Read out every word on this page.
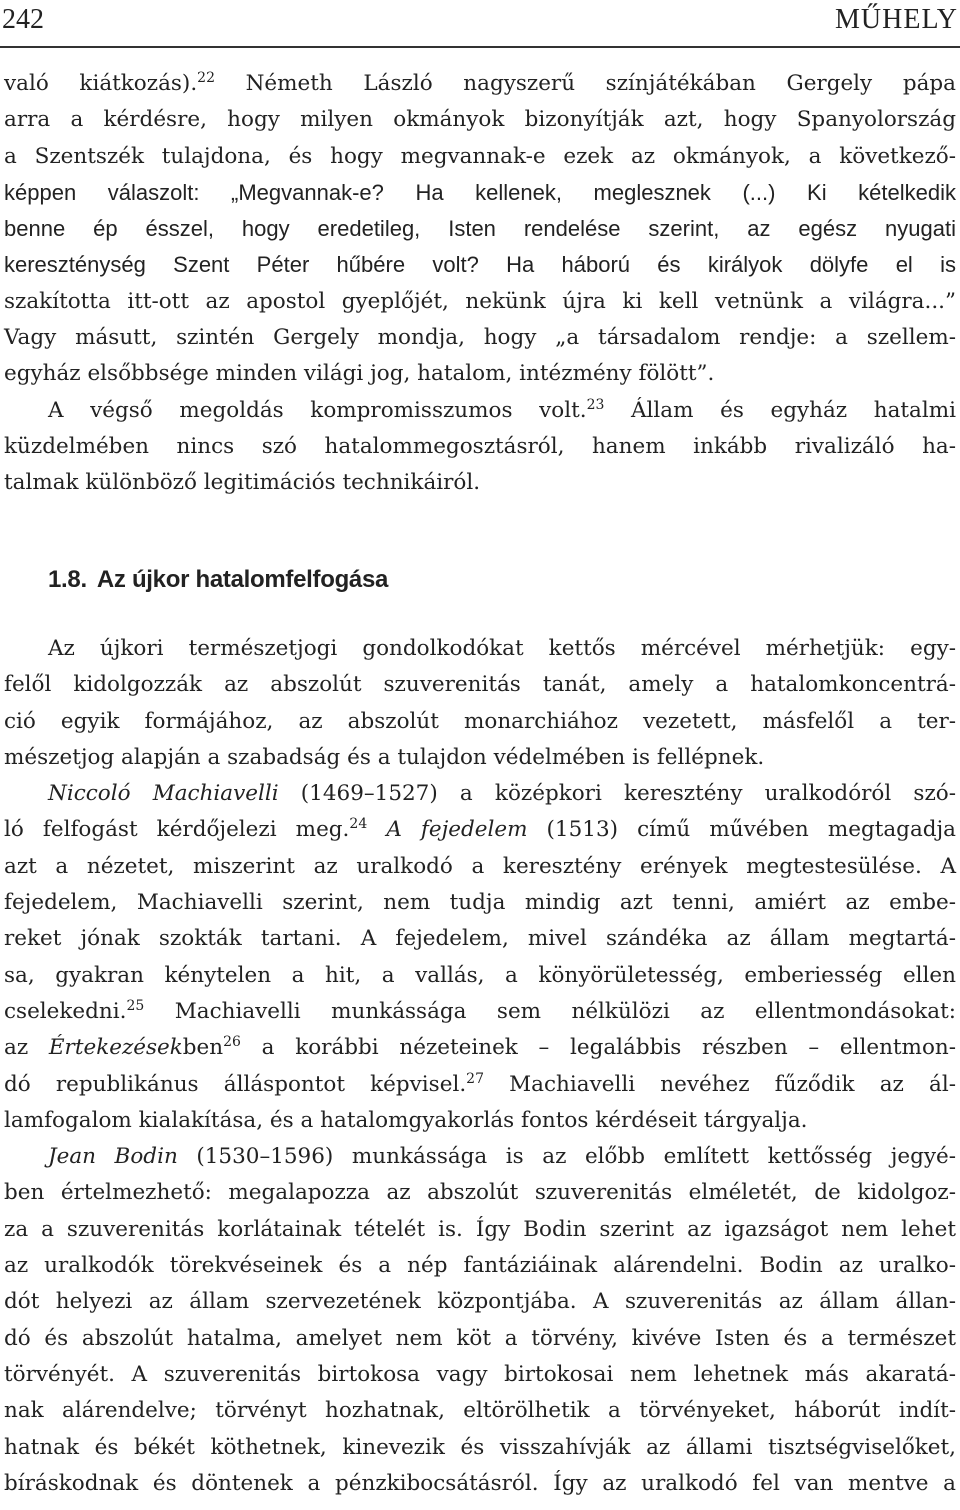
242	MŰHELY
való kiátkozás).$^{22}$ Németh László nagyszerű színjátékában Gergely pápa
arra a kérdésre, hogy milyen okmányok bizonyítják azt, hogy Spanyolország
a Szentszék tulajdona, és hogy megvannak-e ezek az okmányok, a következő-
képpen válaszolt: „Megvannak-e? Ha kellenek, meglesznek (...) Ki kételkedik
benne ép ésszel, hogy eredetileg, Isten rendelése szerint, az egész nyugati
kereszténység Szent Péter hűbére volt? Ha háború és királyok dölyfe el is
szakította itt-ott az apostol gyeplőjét, nekünk újra ki kell vetnünk a világra...”
Vagy másutt, szintén Gergely mondja, hogy „a társadalom rendje: a szellem-
egyház elsőbbsége minden világi jog, hatalom, intézmény fölött”.
A végső megoldás kompromisszumos volt.$^{23}$ Állam és egyház hatalmi
küzdelmében nincs szó hatalommegosztásról, hanem inkább rivalizáló ha-
talmak különböző legitimációs technikáiról.
1.8. Az újkor hatalomfelfogása
Az újkori természetjogi gondolkodókat kettős mércével mérhetjük: egy-
felől kidolgozzák az abszolút szuverenitás tanát, amely a hatalomkoncentrá-
ció egyik formájához, az abszolút monarchiához vezetett, másfelől a ter-
mészetjog alapján a szabadság és a tulajdon védelmében is fellépnek.
Niccoló Machiavelli (1469–1527) a középkori keresztény uralkodóról szó-
ló felfogást kérdőjelezi meg.$^{24}$ A fejedelem (1513) című művében megtagadja
azt a nézetet, miszerint az uralkodó a keresztény erények megtestesülése. A
fejedelem, Machiavelli szerint, nem tudja mindig azt tenni, amiért az embe-
reket jónak szokták tartani. A fejedelem, mivel szándéka az állam megtartá-
sa, gyakran kénytelen a hit, a vallás, a könyörületesség, emberiesség ellen
cselekedni.$^{25}$ Machiavelli munkássága sem nélkülözi az ellentmondásokat:
az Értekezésekben$^{26}$ a korábbi nézeteinek – legalábbis részben – ellentmon-
dó republikánus álláspontot képvisel.$^{27}$ Machiavelli nevéhez fűződik az ál-
lamfogalom kialakítása, és a hatalomgyakorlás fontos kérdéseit tárgyalja.
Jean Bodin (1530–1596) munkássága is az előbb említett kettősség jegyé-
ben értelmezhető: megalapozza az abszolút szuverenitás elméletét, de kidolgoz-
za a szuverenitás korlátainak tételét is. Így Bodin szerint az igazságot nem lehet
az uralkodók törekvéseinek és a nép fantáziáinak alárendelni. Bodin az uralko-
dót helyezi az állam szervezetének központjába. A szuverenitás az állam állan-
dó és abszolút hatalma, amelyet nem köt a törvény, kivéve Isten és a természet
törvényét. A szuverenitás birtokosa vagy birtokosai nem lehetnek más akaratá-
nak alárendelve; törvényt hozhatnak, eltörölhetik a törvényeket, háborút indít-
hatnak és békét köthetnek, kinevezik és visszahívják az állami tisztségviselőket,
bíráskodnak és döntenek a pénzkibocsátásról. Így az uralkodó fel van mentve a
